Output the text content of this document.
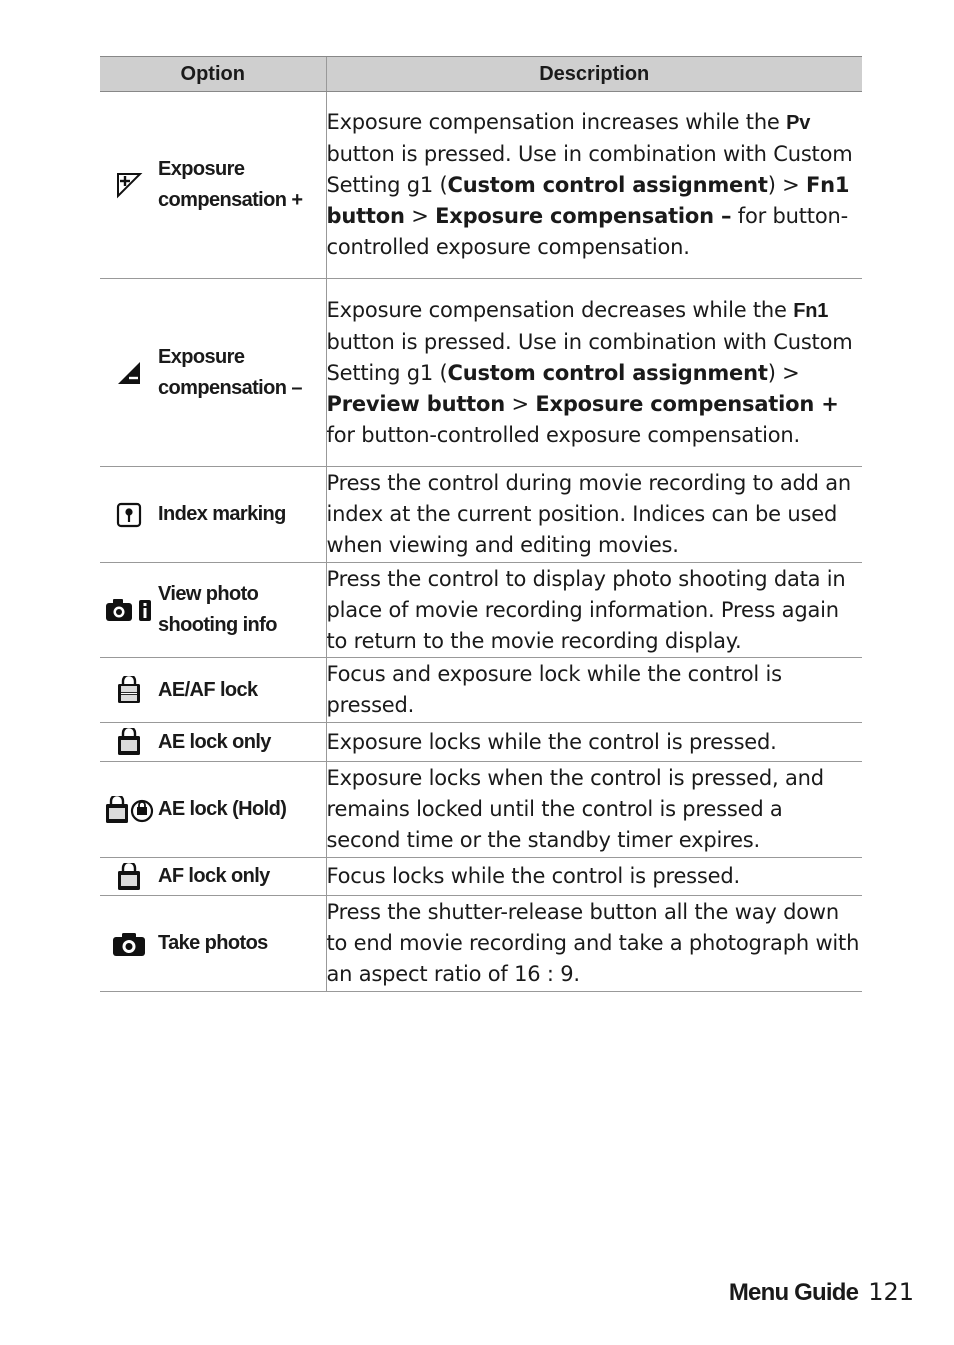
Option		Description

Exposure
compensation +	Exposure compensation increases while the Pv button is pressed. Use in combination with Custom Setting g1 (Custom control assignment) > Fn1 button > Exposure compensation – for button-controlled exposure compensation.

Exposure
compensation –	Exposure compensation decreases while the Fn1 button is pressed. Use in combination with Custom Setting g1 (Custom control assignment) > Preview button > Exposure compensation + for button-controlled exposure compensation.
	Index marking	Press the control during movie recording to add an index at the current position. Indices can be used when viewing and editing movies.

View photo
shooting info	Press the control to display photo shooting data in place of movie recording information. Press again to return to the movie recording display.
	AE/AF lock	Focus and exposure lock while the control is pressed.
	AE lock only	Exposure locks while the control is pressed.
	AE lock (Hold)	Exposure locks when the control is pressed, and remains locked until the control is pressed a second time or the standby timer expires.
	AF lock only	Focus locks while the control is pressed.
	Take photos	Press the shutter-release button all the way down to end movie recording and take a photograph with an aspect ratio of 16 : 9.
Menu Guide 121
